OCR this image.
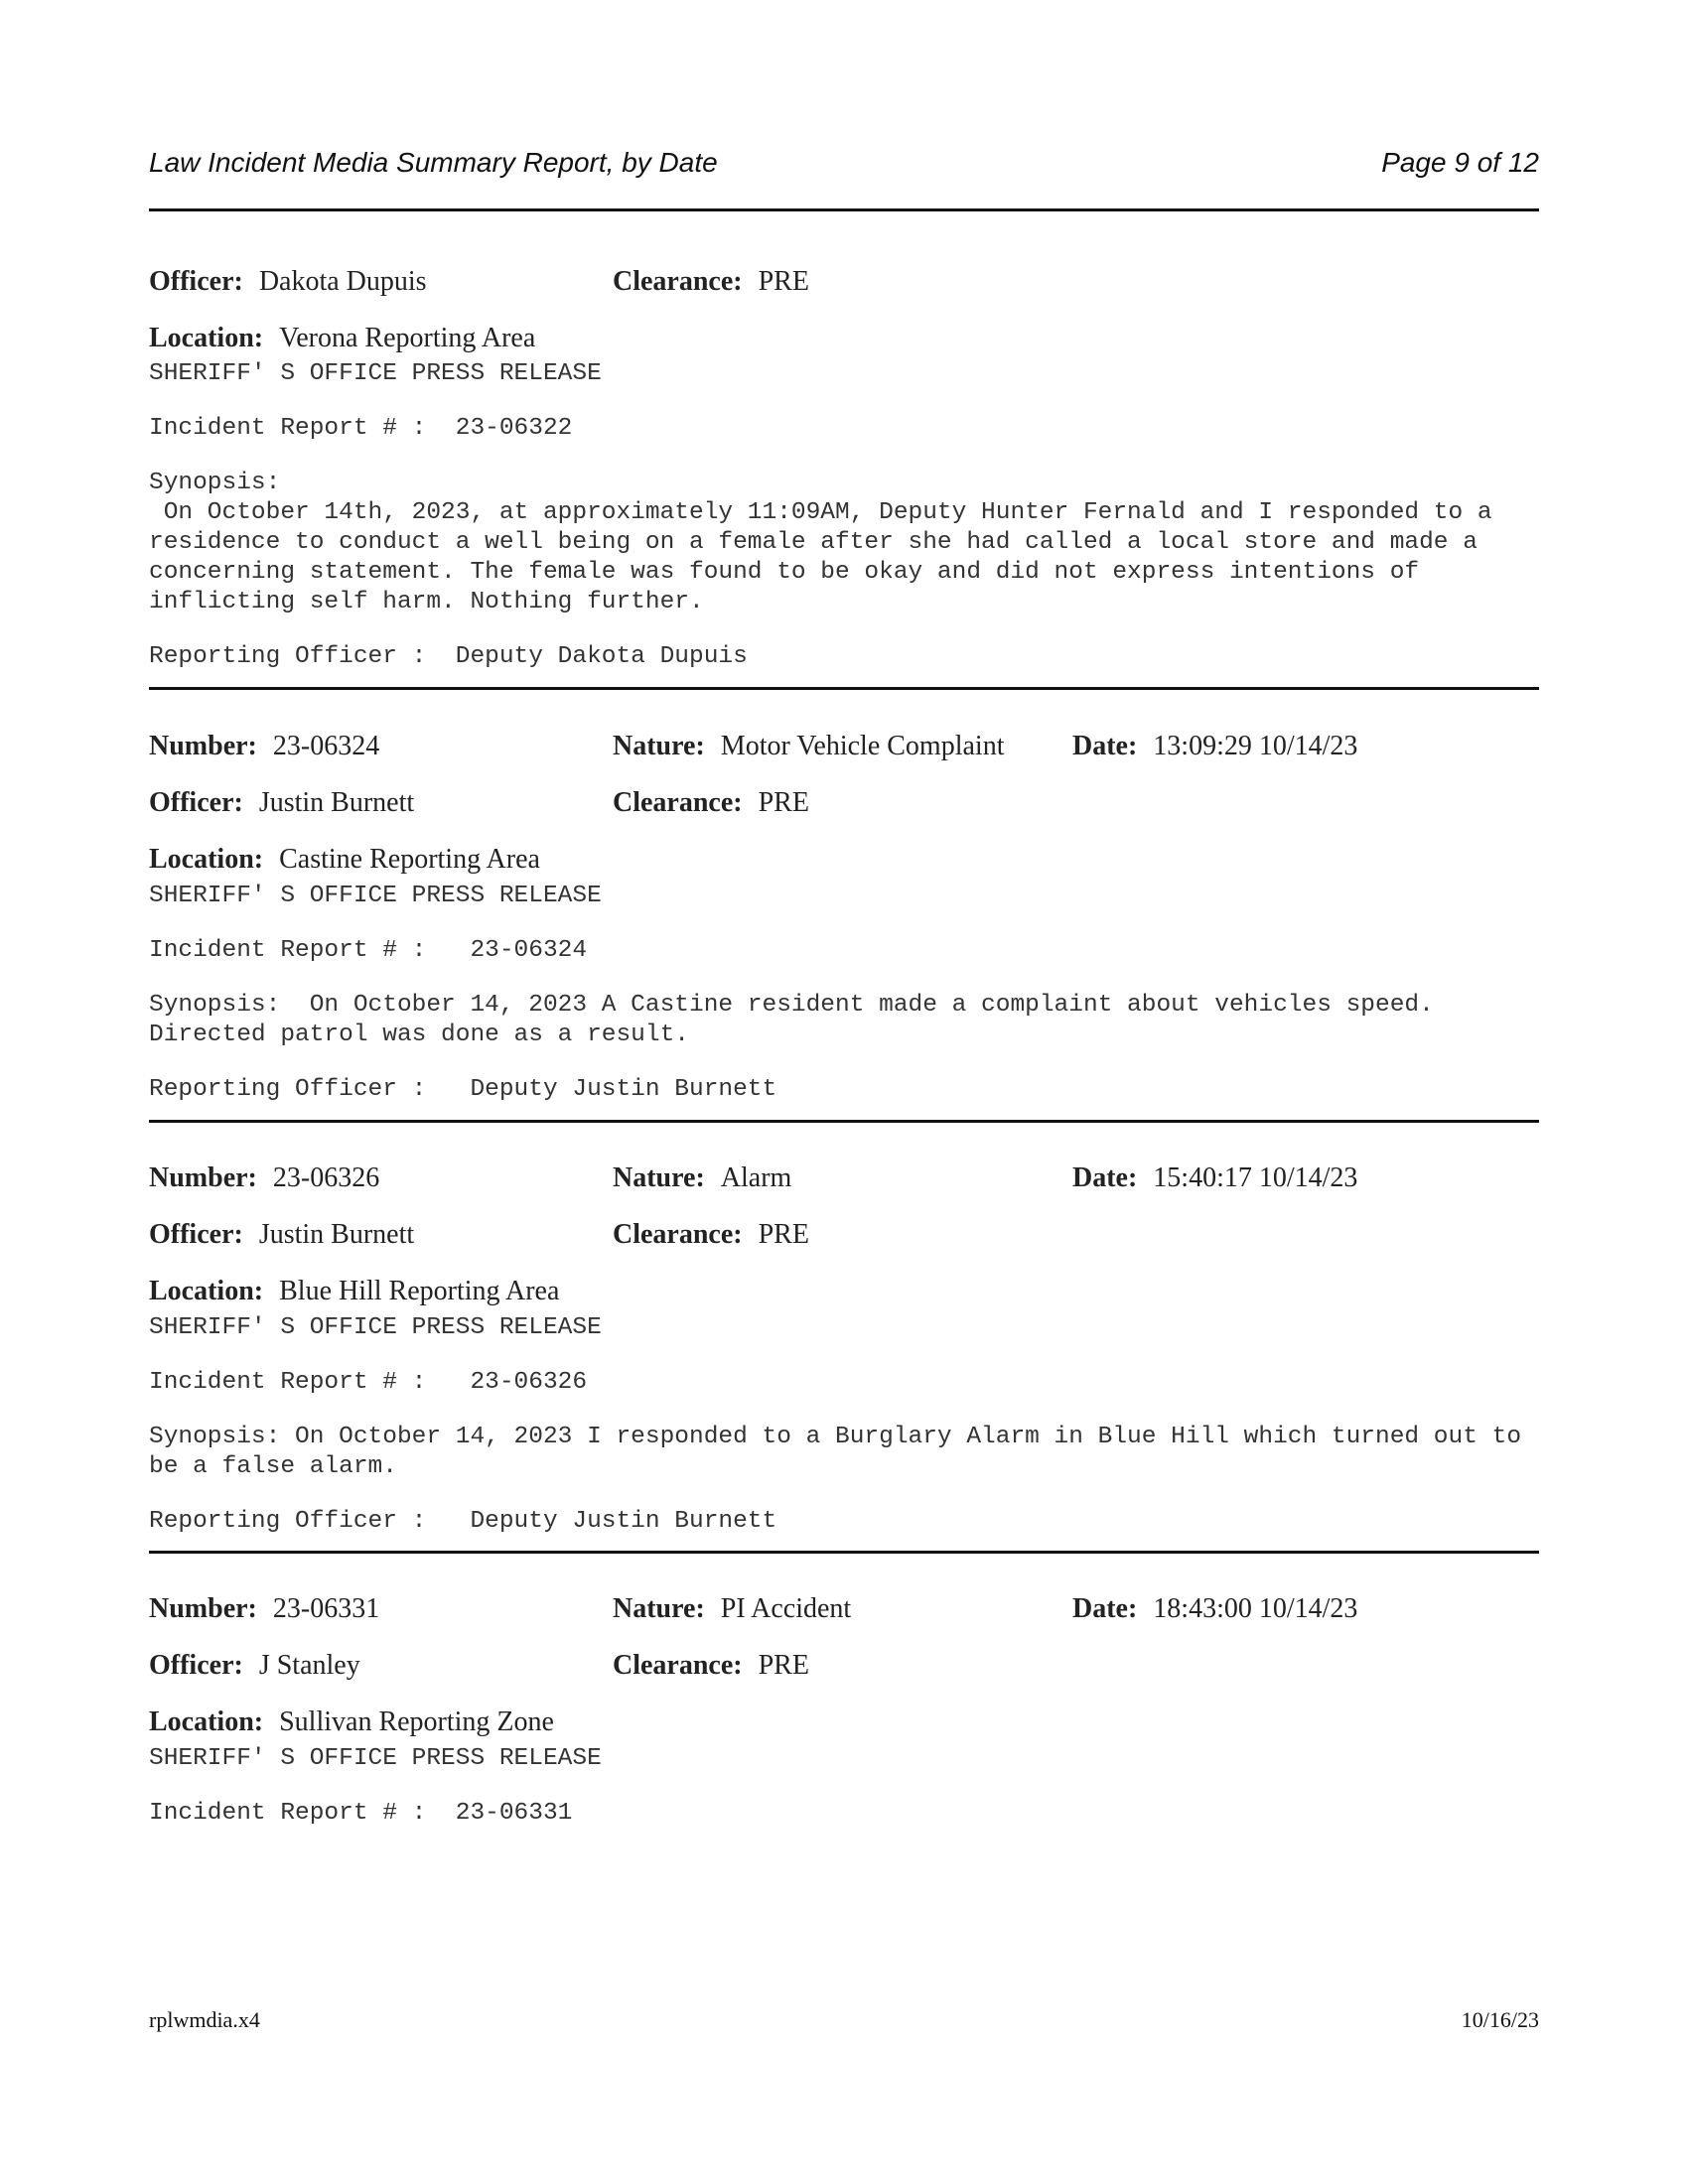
Law Incident Media Summary Report, by Date	Page 9 of 12
Officer: Dakota Dupuis	Clearance: PRE
Location: Verona Reporting Area

SHERIFF' S OFFICE PRESS RELEASE

Incident Report # :  23-06322

Synopsis:

On October 14th, 2023, at approximately 11:09AM, Deputy Hunter Fernald and I responded to a residence to conduct a well being on a female after she had called a local store and made a concerning statement. The female was found to be okay and did not express intentions of inflicting self harm. Nothing further.

Reporting Officer :  Deputy Dakota Dupuis

Number: 23-06324	Nature: Motor Vehicle Complaint Date: 13:09:29 10/14/23
Officer: Justin Burnett	Clearance: PRE
Location: Castine Reporting Area

SHERIFF' S OFFICE PRESS RELEASE

Incident Report # :   23-06324

Synopsis:  On October 14, 2023 A Castine resident made a complaint about vehicles speed. Directed patrol was done as a result.

Reporting Officer :   Deputy Justin Burnett

Number: 23-06326	Nature: Alarm	Date: 15:40:17 10/14/23
Officer: Justin Burnett	Clearance: PRE
Location: Blue Hill Reporting Area

SHERIFF' S OFFICE PRESS RELEASE

Incident Report # :   23-06326

Synopsis: On October 14, 2023 I responded to a Burglary Alarm in Blue Hill which turned out to be a false alarm.

Reporting Officer :   Deputy Justin Burnett

Number: 23-06331	Nature: PI Accident	Date: 18:43:00 10/14/23
Officer: J Stanley	Clearance: PRE
Location: Sullivan Reporting Zone

SHERIFF' S OFFICE PRESS RELEASE

Incident Report # :  23-06331

rplwmdia.x4	10/16/23
